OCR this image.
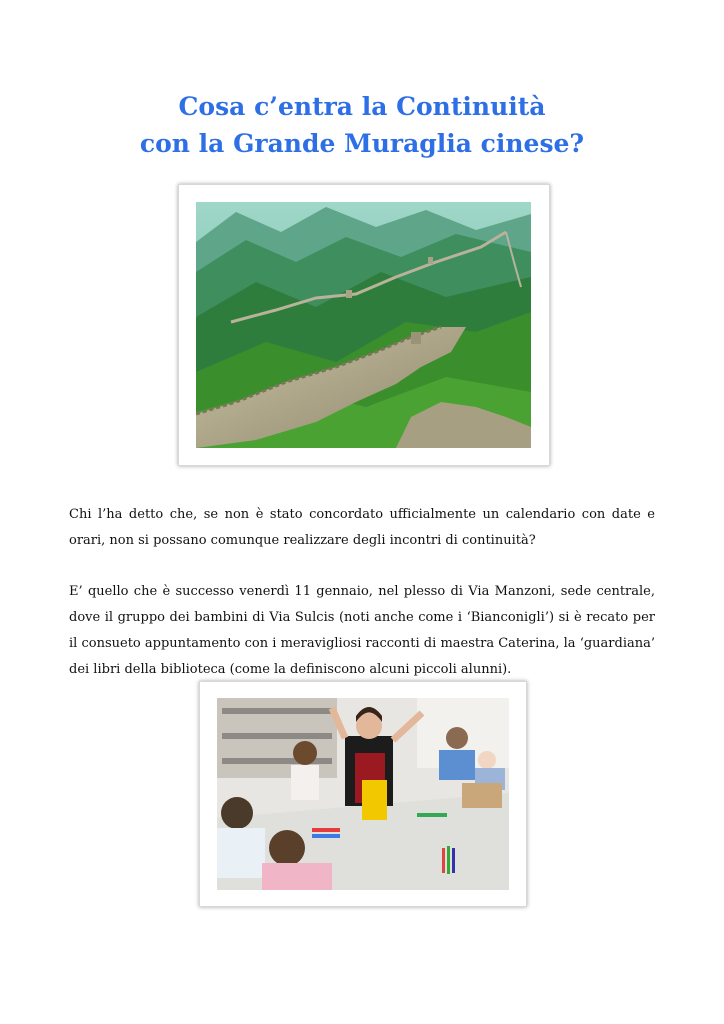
Cosa c’entra la Continuità
con la Grande Muraglia cinese?

Chi l’ha detto che, se non è stato concordato ufficialmente un calendario con date e orari, non si possano comunque realizzare degli incontri di continuità?

E’ quello che è successo venerdì 11 gennaio, nel plesso di Via Manzoni, sede centrale, dove il gruppo dei bambini di Via Sulcis (noti anche come i ‘Bianconigli’) si è recato per il consueto appuntamento con i meravigliosi racconti di maestra Caterina, la ‘guardiana’ dei libri della biblioteca (come la definiscono alcuni piccoli alunni).
